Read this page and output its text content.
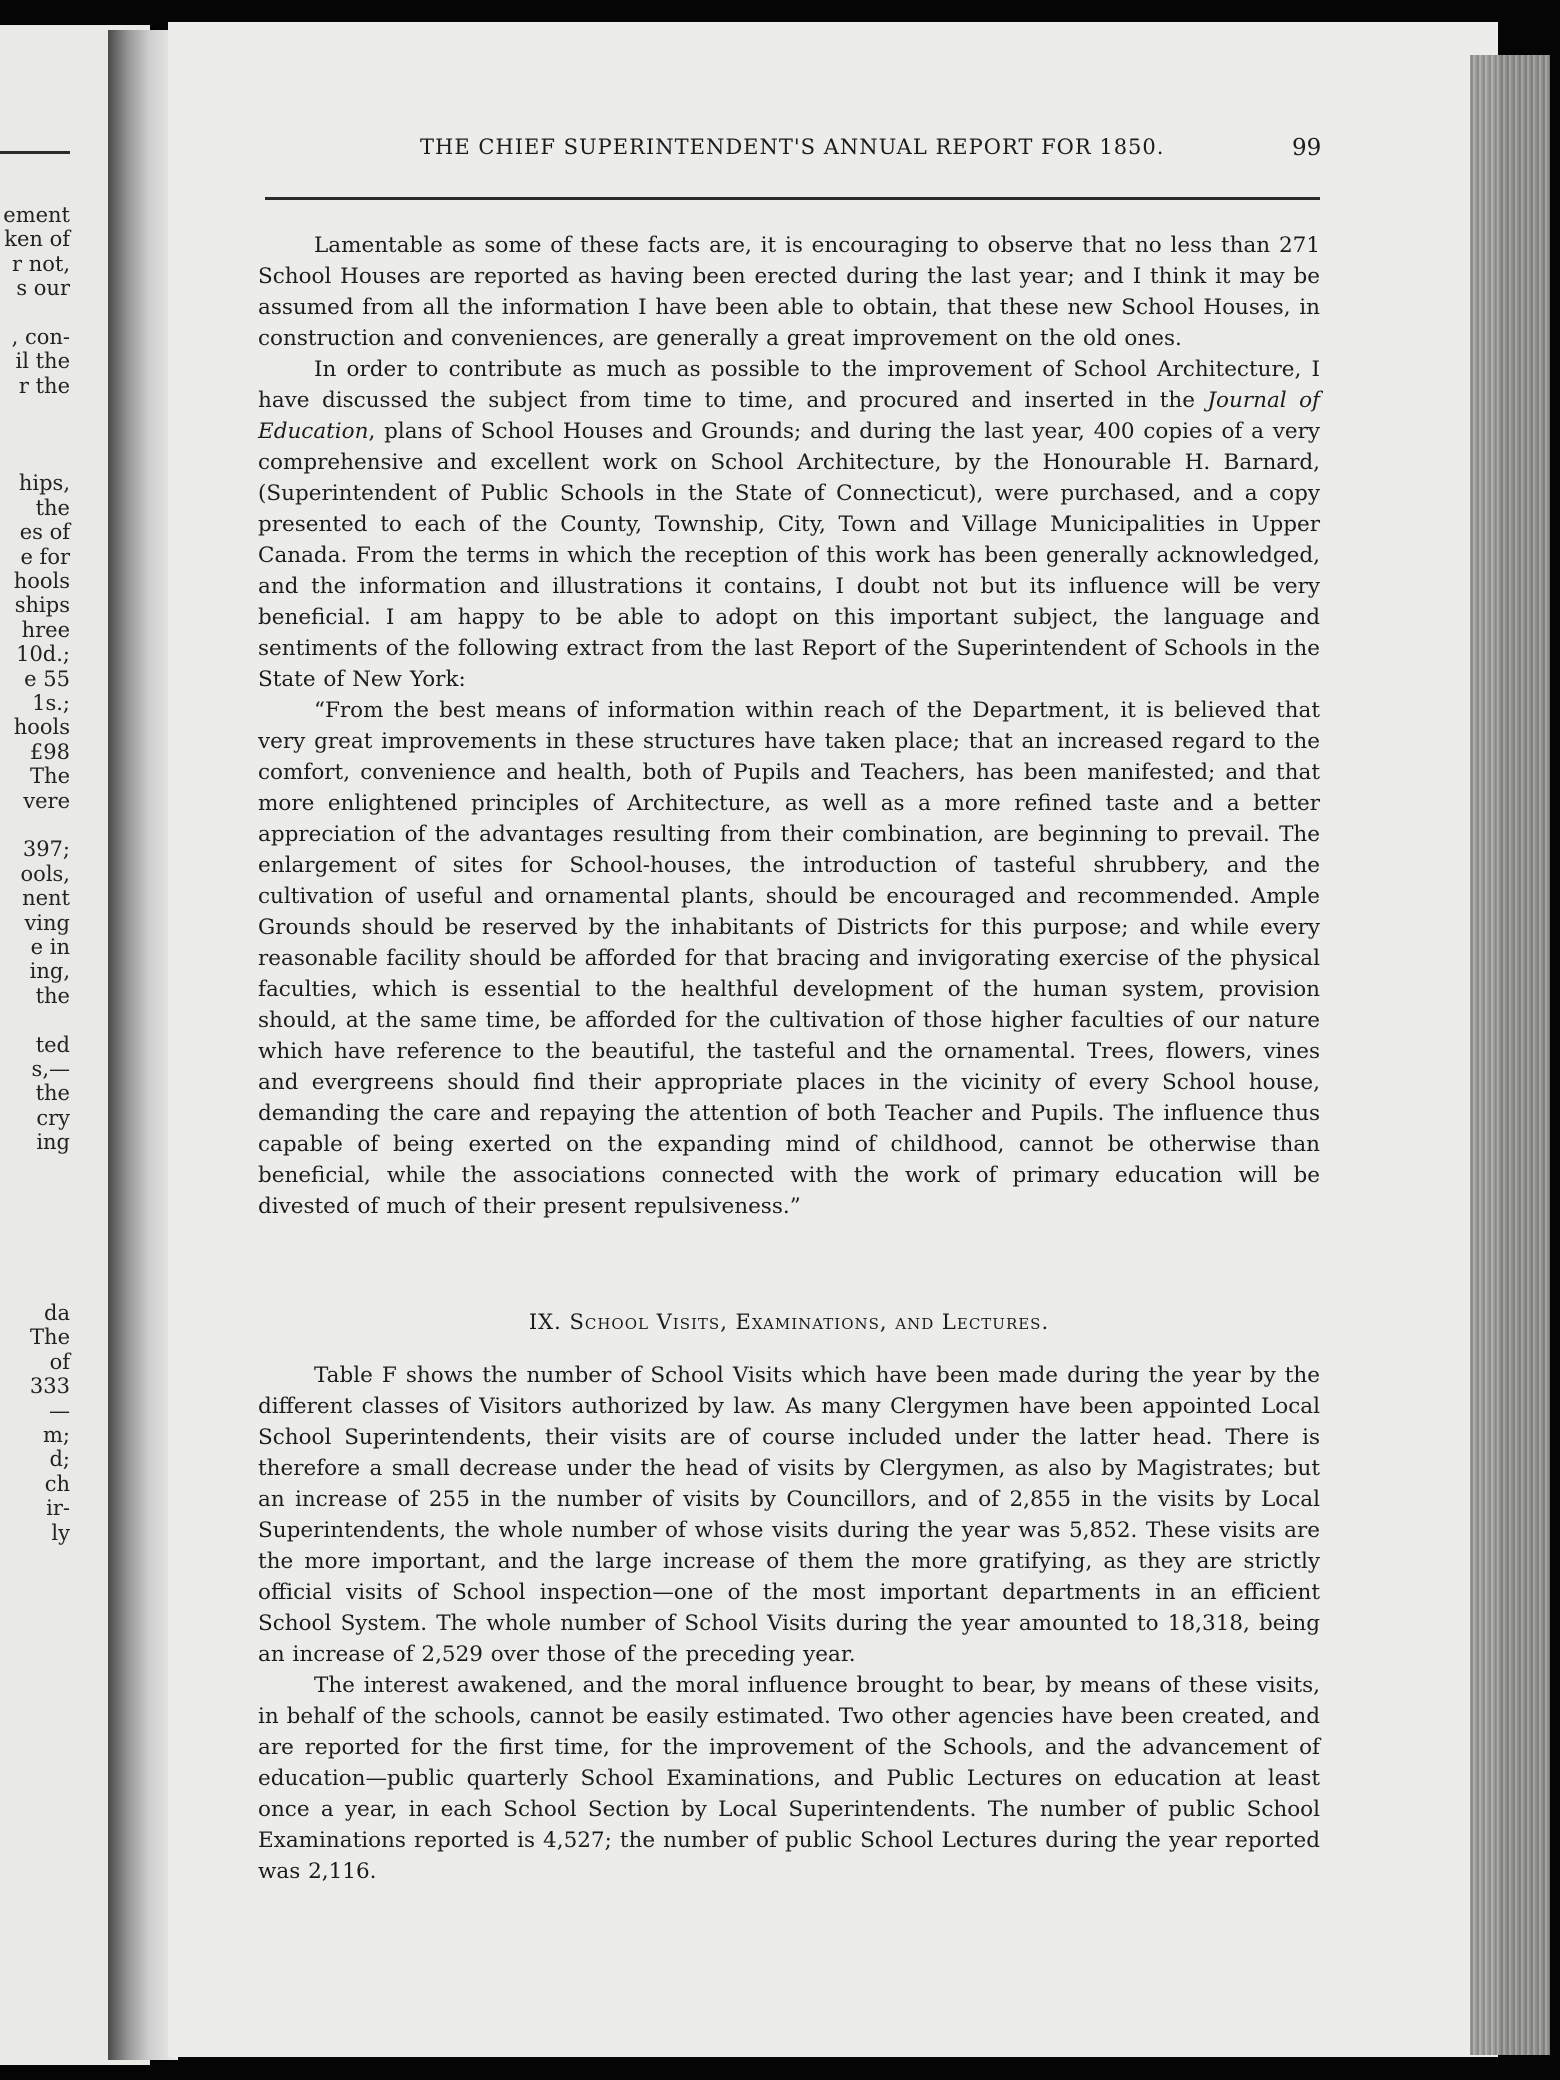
ement
ken of
r not,
s our
, con-
il the
r the
hips,
the
es of
e for
hools
ships
hree
10d.;
e 55
1s.;
hools
£98
The
vere
397;
ools,
nent
ving
e in
ing,
the
ted
s,—
the
cry
ing
da
The
of
333
—
m;
d;
ch
ir-
ly
THE CHIEF SUPERINTENDENT'S ANNUAL REPORT FOR 1850.	99

Lamentable as some of these facts are, it is encouraging to observe that no less than 271 School Houses are reported as having been erected during the last year; and I think it may be assumed from all the information I have been able to obtain, that these new School Houses, in construction and conveniences, are generally a great improvement on the old ones.

In order to contribute as much as possible to the improvement of School Architecture, I have discussed the subject from time to time, and procured and inserted in the Journal of Education, plans of School Houses and Grounds; and during the last year, 400 copies of a very comprehensive and excellent work on School Architecture, by the Honourable H. Barnard, (Superintendent of Public Schools in the State of Connecticut), were purchased, and a copy presented to each of the County, Township, City, Town and Village Municipalities in Upper Canada. From the terms in which the reception of this work has been generally acknowledged, and the information and illustrations it contains, I doubt not but its influence will be very beneficial. I am happy to be able to adopt on this important subject, the language and sentiments of the following extract from the last Report of the Superintendent of Schools in the State of New York:

“From the best means of information within reach of the Department, it is believed that very great improvements in these structures have taken place; that an increased regard to the comfort, convenience and health, both of Pupils and Teachers, has been manifested; and that more enlightened principles of Architecture, as well as a more refined taste and a better appreciation of the advantages resulting from their combination, are beginning to prevail. The enlargement of sites for School-houses, the introduction of tasteful shrubbery, and the cultivation of useful and ornamental plants, should be encouraged and recommended. Ample Grounds should be reserved by the inhabitants of Districts for this purpose; and while every reasonable facility should be afforded for that bracing and invigorating exercise of the physical faculties, which is essential to the healthful development of the human system, provision should, at the same time, be afforded for the cultivation of those higher faculties of our nature which have reference to the beautiful, the tasteful and the ornamental. Trees, flowers, vines and evergreens should find their appropriate places in the vicinity of every School house, demanding the care and repaying the attention of both Teacher and Pupils. The influence thus capable of being exerted on the expanding mind of childhood, cannot be otherwise than beneficial, while the associations connected with the work of primary education will be divested of much of their present repulsiveness.”

IX. School Visits, Examinations, and Lectures.

Table F shows the number of School Visits which have been made during the year by the different classes of Visitors authorized by law. As many Clergymen have been appointed Local School Superintendents, their visits are of course included under the latter head. There is therefore a small decrease under the head of visits by Clergymen, as also by Magistrates; but an increase of 255 in the number of visits by Councillors, and of 2,855 in the visits by Local Superintendents, the whole number of whose visits during the year was 5,852. These visits are the more important, and the large increase of them the more gratifying, as they are strictly official visits of School inspection—one of the most important departments in an efficient School System. The whole number of School Visits during the year amounted to 18,318, being an increase of 2,529 over those of the preceding year.

The interest awakened, and the moral influence brought to bear, by means of these visits, in behalf of the schools, cannot be easily estimated. Two other agencies have been created, and are reported for the first time, for the improvement of the Schools, and the advancement of education—public quarterly School Examinations, and Public Lectures on education at least once a year, in each School Section by Local Superintendents. The number of public School Examinations reported is 4,527; the number of public School Lectures during the year reported was 2,116.
